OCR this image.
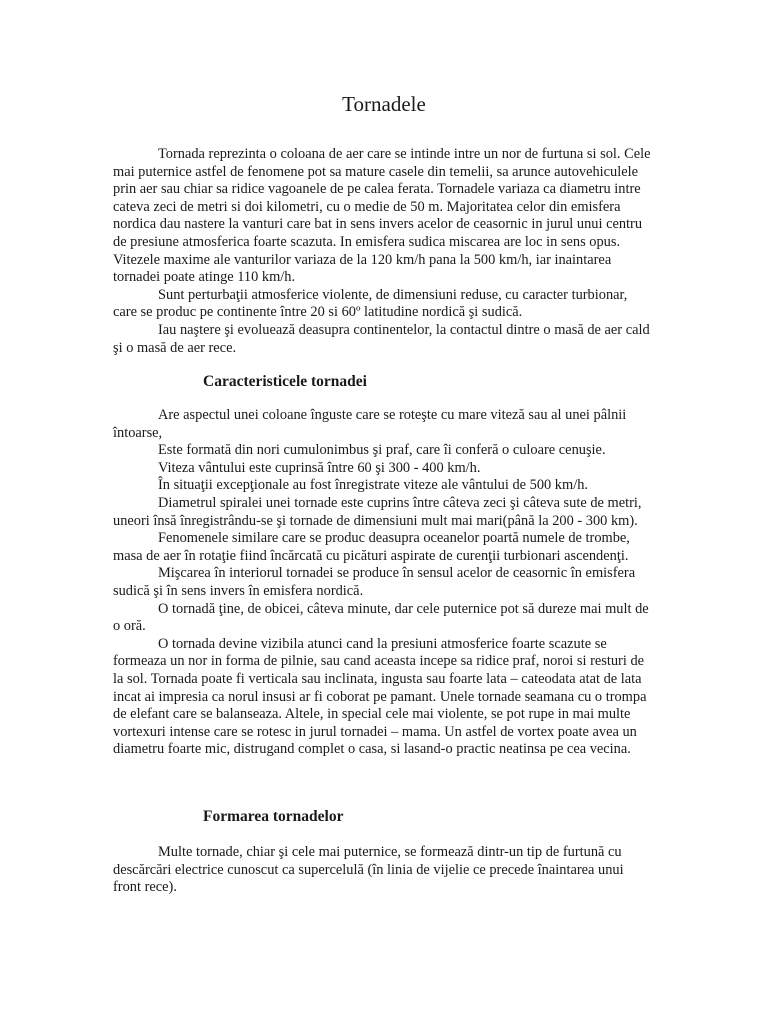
Tornadele

Tornada reprezinta o coloana de aer care se intinde intre un nor de furtuna si sol. Cele mai puternice astfel de fenomene pot sa mature casele din temelii, sa arunce autovehiculele prin aer sau chiar sa ridice vagoanele de pe calea ferata. Tornadele variaza ca diametru intre cateva zeci de metri si doi kilometri, cu o medie de 50 m. Majoritatea celor din emisfera nordica dau nastere la vanturi care bat in sens invers acelor de ceasornic in jurul unui centru de presiune atmosferica foarte scazuta. In emisfera sudica miscarea are loc in sens opus. Vitezele maxime ale vanturilor variaza de la 120 km/h pana la 500 km/h, iar inaintarea tornadei poate atinge 110 km/h.

Sunt perturbaţii atmosferice violente, de dimensiuni reduse, cu caracter turbionar, care se produc pe continente între 20 si 60º latitudine nordică şi sudică.

Iau naştere şi evoluează deasupra continentelor, la contactul dintre o masă de aer cald şi o masă de aer rece.

Caracteristicele tornadei

Are aspectul unei coloane înguste care se roteşte cu mare viteză sau al unei pâlnii întoarse,

Este formată din nori cumulonimbus şi praf, care îi conferă o culoare cenuşie.

Viteza vântului este cuprinsă între 60 şi 300 - 400 km/h.

În situaţii excepţionale au fost înregistrate viteze ale vântului de 500 km/h.

Diametrul spiralei unei tornade este cuprins între câteva zeci şi câteva sute de metri, uneori însă înregistrându-se şi tornade de dimensiuni mult mai mari(până la 200 - 300 km).

Fenomenele similare care se produc deasupra oceanelor poartă numele de trombe, masa de aer în rotaţie fiind încărcată cu picături aspirate de curenţii turbionari ascendenţi.

Mişcarea în interiorul tornadei se produce în sensul acelor de ceasornic în emisfera sudică şi în sens invers în emisfera nordică.

O tornadă ţine, de obicei, câteva minute, dar cele puternice pot să dureze mai mult de o oră.

O tornada devine vizibila atunci cand la presiuni atmosferice foarte scazute se formeaza un nor in forma de pilnie, sau cand aceasta incepe sa ridice praf, noroi si resturi de la sol. Tornada poate fi verticala sau inclinata, ingusta sau foarte lata – cateodata atat de lata incat ai impresia ca norul insusi ar fi coborat pe pamant. Unele tornade seamana cu o trompa de elefant care se balanseaza. Altele, in special cele mai violente, se pot rupe in mai multe vortexuri intense care se rotesc in jurul tornadei – mama. Un astfel de vortex poate avea un diametru foarte mic, distrugand complet o casa, si lasand-o practic neatinsa pe cea vecina.

Formarea tornadelor

Multe tornade, chiar şi cele mai puternice, se formează dintr-un tip de furtună cu descărcări electrice cunoscut ca supercelulă (în linia de vijelie ce precede înaintarea unui front rece).
